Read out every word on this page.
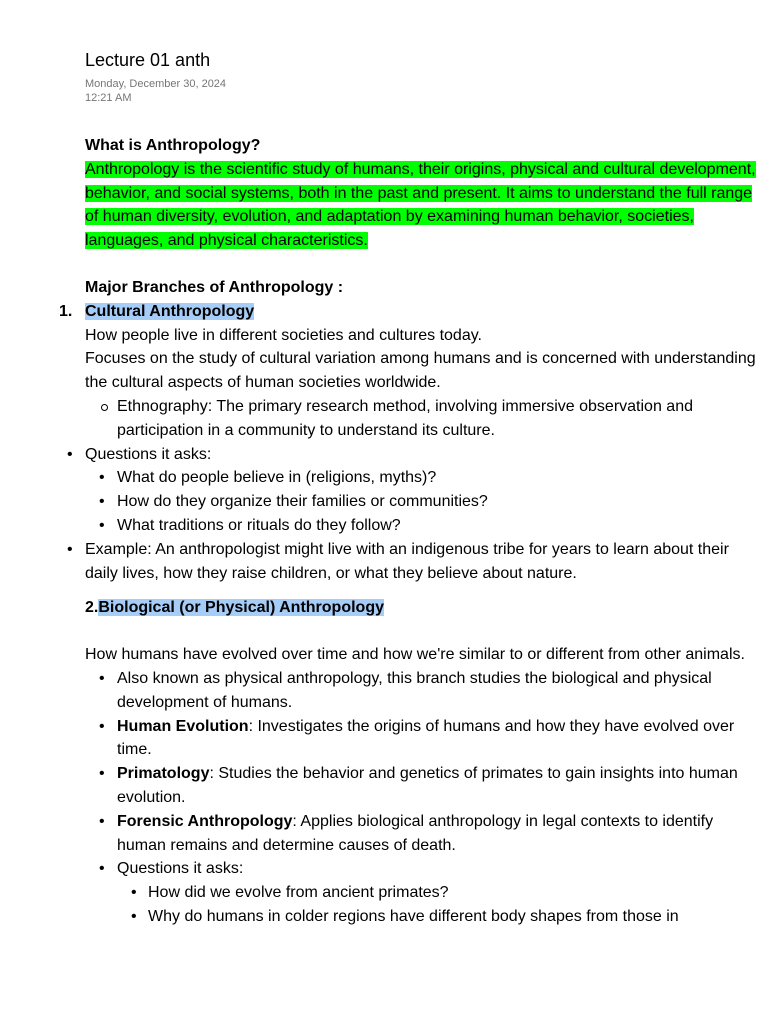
Lecture 01 anth
Monday, December 30, 2024
12:21 AM

What is Anthropology?

Anthropology is the scientific study of humans, their origins, physical and cultural development, behavior, and social systems, both in the past and present. It aims to understand the full range of human diversity, evolution, and adaptation by examining human behavior, societies, languages, and physical characteristics.

Major Branches of Anthropology :

1. Cultural Anthropology

How people live in different societies and cultures today.

Focuses on the study of cultural variation among humans and is concerned with understanding the cultural aspects of human societies worldwide.

Ethnography: The primary research method, involving immersive observation and participation in a community to understand its culture.
• Questions it asks:
• What do people believe in (religions, myths)?
• How do they organize their families or communities?
• What traditions or rituals do they follow?
• Example: An anthropologist might live with an indigenous tribe for years to learn about their daily lives, how they raise children, or what they believe about nature.

2.Biological (or Physical) Anthropology

How humans have evolved over time and how we're similar to or different from other animals.

• Also known as physical anthropology, this branch studies the biological and physical development of humans.
• Human Evolution: Investigates the origins of humans and how they have evolved over time.
• Primatology: Studies the behavior and genetics of primates to gain insights into human evolution.
• Forensic Anthropology: Applies biological anthropology in legal contexts to identify human remains and determine causes of death.
• Questions it asks:
• How did we evolve from ancient primates?
• Why do humans in colder regions have different body shapes from those in
